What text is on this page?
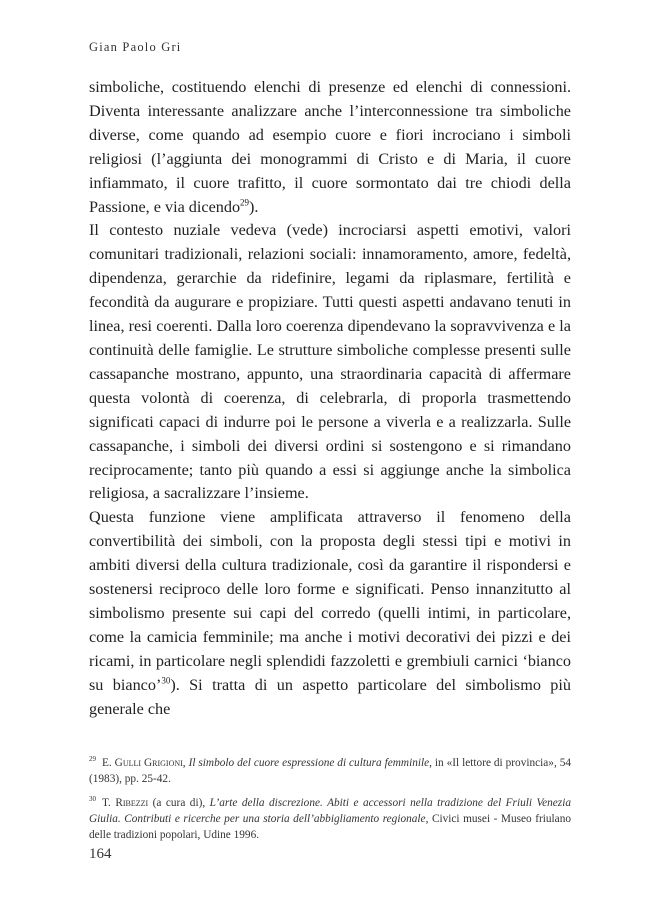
Gian Paolo Gri

simboliche, costituendo elenchi di presenze ed elenchi di connessioni. Diventa interessante analizzare anche l’interconnessione tra simboliche diverse, come quando ad esempio cuore e fiori incrociano i simboli religiosi (l’aggiunta dei monogrammi di Cristo e di Maria, il cuore infiammato, il cuore trafitto, il cuore sormontato dai tre chiodi della Passione, e via dicendo$^{29}$).

Il contesto nuziale vedeva (vede) incrociarsi aspetti emotivi, valori comunitari tradizionali, relazioni sociali: innamoramento, amore, fedeltà, dipendenza, gerarchie da ridefinire, legami da riplasmare, fertilità e fecondità da augurare e propiziare. Tutti questi aspetti andavano tenuti in linea, resi coerenti. Dalla loro coerenza dipendevano la sopravvivenza e la continuità delle famiglie. Le strutture simboliche complesse presenti sulle cassapanche mostrano, appunto, una straordinaria capacità di affermare questa volontà di coerenza, di celebrarla, di proporla trasmettendo significati capaci di indurre poi le persone a viverla e a realizzarla. Sulle cassapanche, i simboli dei diversi ordini si sostengono e si rimandano reciprocamente; tanto più quando a essi si aggiunge anche la simbolica religiosa, a sacralizzare l’insieme.

Questa funzione viene amplificata attraverso il fenomeno della convertibilità dei simboli, con la proposta degli stessi tipi e motivi in ambiti diversi della cultura tradizionale, così da garantire il rispondersi e sostenersi reciproco delle loro forme e significati. Penso innanzitutto al simbolismo presente sui capi del corredo (quelli intimi, in particolare, come la camicia femminile; ma anche i motivi decorativi dei pizzi e dei ricami, in particolare negli splendidi fazzoletti e grembiuli carnici ‘bianco su bianco’$^{30}$). Si tratta di un aspetto particolare del simbolismo più generale che

$^{29}$ E. Gulli Grigioni, Il simbolo del cuore espressione di cultura femminile, in «Il lettore di provincia», 54 (1983), pp. 25-42.

$^{30}$ T. Ribezzi (a cura di), L’arte della discrezione. Abiti e accessori nella tradizione del Friuli Venezia Giulia. Contributi e ricerche per una storia dell’abbigliamento regionale, Civici musei - Museo friulano delle tradizioni popolari, Udine 1996.

164
